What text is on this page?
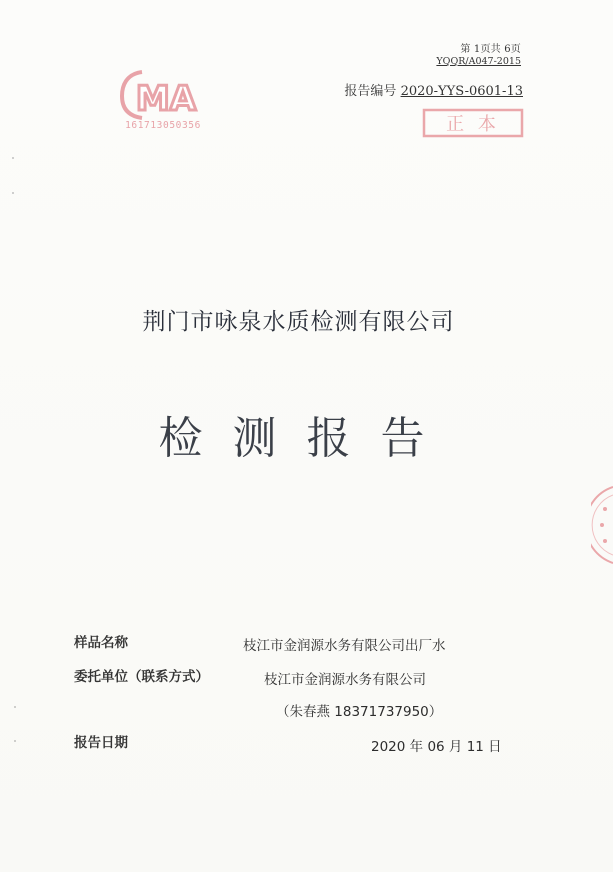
第 1页共 6页
YQQR/A047-2015
报告编号 2020-YYS-0601-13
MA
161713050356	正 本
荆门市咏泉水质检测有限公司
检测报告
样品名称	枝江市金润源水务有限公司出厂水
委托单位（联系方式）	枝江市金润源水务有限公司
（朱春燕 18371737950）
报告日期	2020 年 06 月 11 日
